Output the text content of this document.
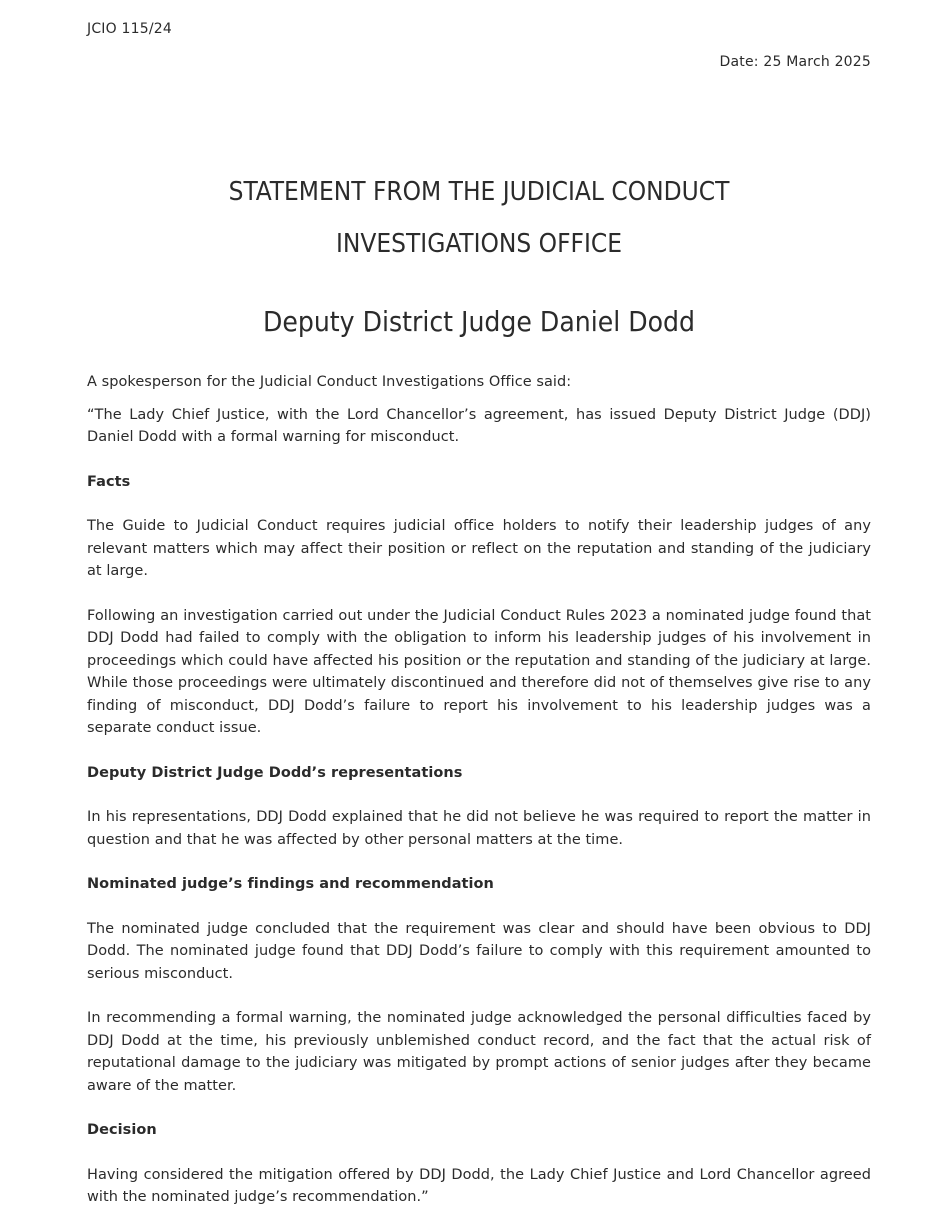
JCIO 115/24
Date: 25 March 2025
STATEMENT FROM THE JUDICIAL CONDUCT
INVESTIGATIONS OFFICE
Deputy District Judge Daniel Dodd

A spokesperson for the Judicial Conduct Investigations Office said:

“The Lady Chief Justice, with the Lord Chancellor’s agreement, has issued Deputy District Judge (DDJ) Daniel Dodd with a formal warning for misconduct.

Facts

The Guide to Judicial Conduct requires judicial office holders to notify their leadership judges of any relevant matters which may affect their position or reflect on the reputation and standing of the judiciary at large.

Following an investigation carried out under the Judicial Conduct Rules 2023 a nominated judge found that DDJ Dodd had failed to comply with the obligation to inform his leadership judges of his involvement in proceedings which could have affected his position or the reputation and standing of the judiciary at large. While those proceedings were ultimately discontinued and therefore did not of themselves give rise to any finding of misconduct, DDJ Dodd’s failure to report his involvement to his leadership judges was a separate conduct issue.

Deputy District Judge Dodd’s representations

In his representations, DDJ Dodd explained that he did not believe he was required to report the matter in question and that he was affected by other personal matters at the time.

Nominated judge’s findings and recommendation

The nominated judge concluded that the requirement was clear and should have been obvious to DDJ Dodd. The nominated judge found that DDJ Dodd’s failure to comply with this requirement amounted to serious misconduct.

In recommending a formal warning, the nominated judge acknowledged the personal difficulties faced by DDJ Dodd at the time, his previously unblemished conduct record, and the fact that the actual risk of reputational damage to the judiciary was mitigated by prompt actions of senior judges after they became aware of the matter.

Decision

Having considered the mitigation offered by DDJ Dodd, the Lady Chief Justice and Lord Chancellor agreed with the nominated judge’s recommendation.”
